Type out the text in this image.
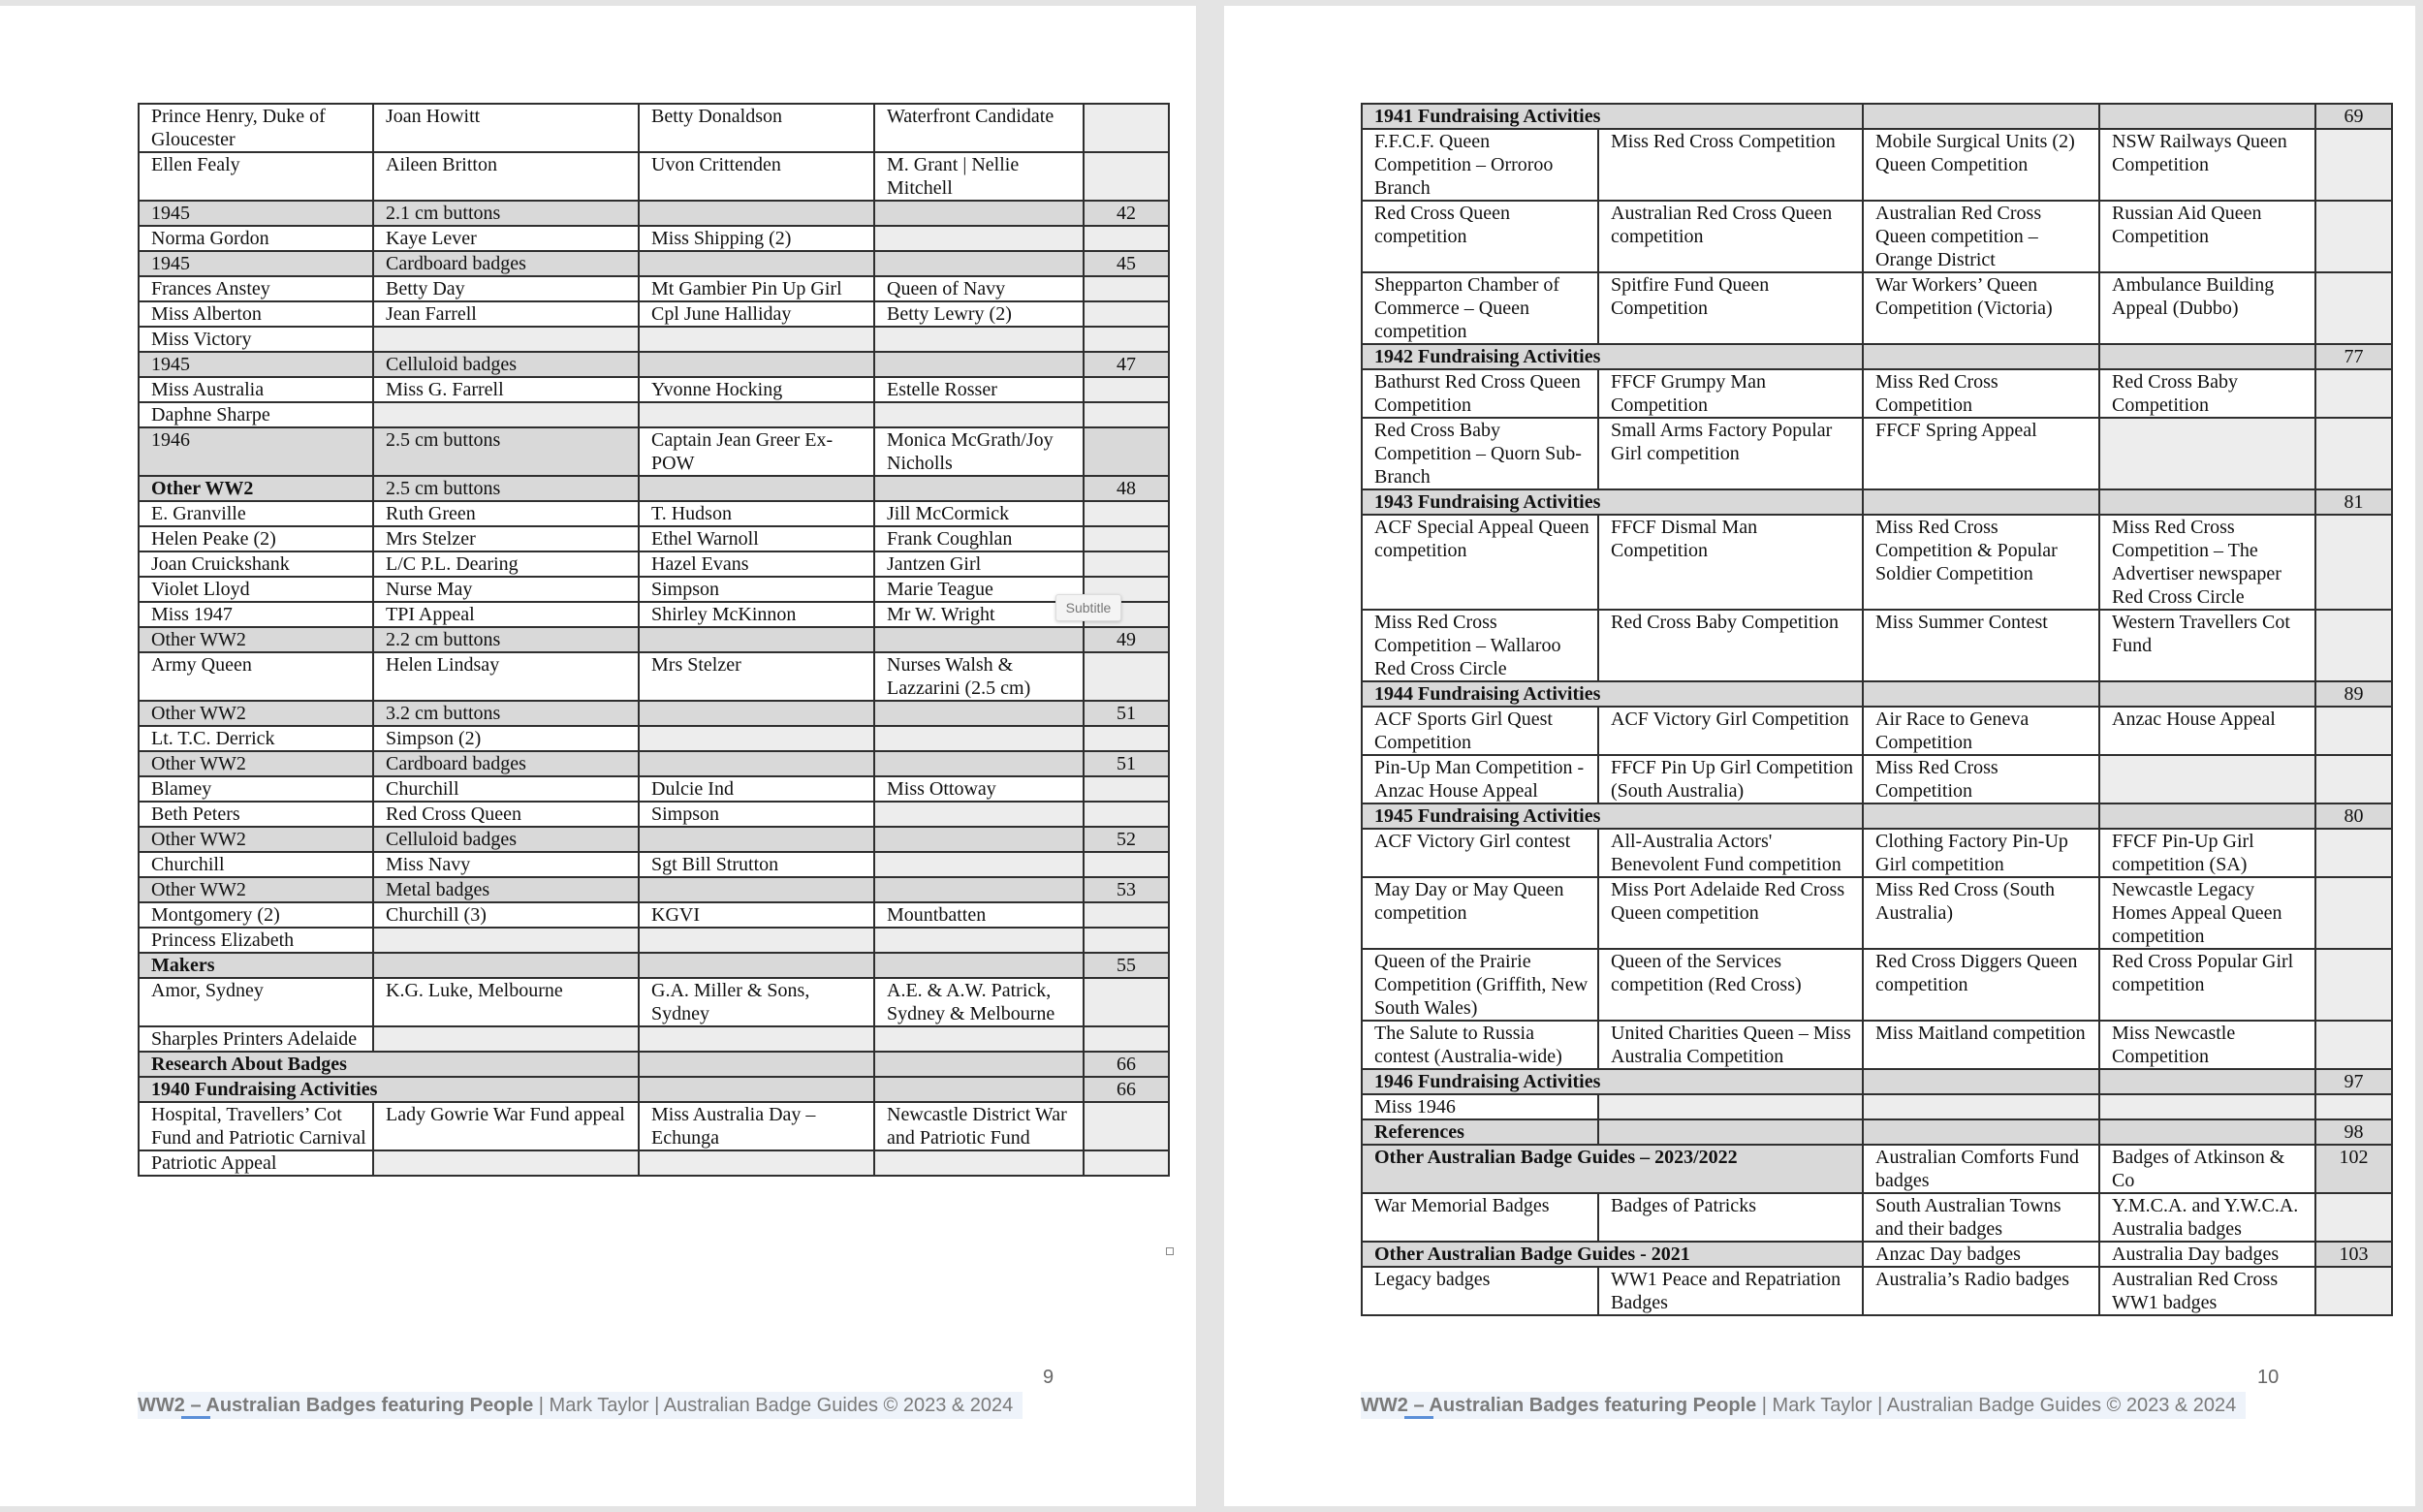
Prince Henry, Duke of Gloucester	Joan Howitt	Betty Donaldson	Waterfront Candidate	
Ellen Fealy	Aileen Britton	Uvon Crittenden	M. Grant | Nellie Mitchell	
1945	2.1 cm buttons			42
Norma Gordon	Kaye Lever	Miss Shipping (2)		
1945	Cardboard badges			45
Frances Anstey	Betty Day	Mt Gambier Pin Up Girl	Queen of Navy	
Miss Alberton	Jean Farrell	Cpl June Halliday	Betty Lewry (2)	
Miss Victory				
1945	Celluloid badges			47
Miss Australia	Miss G. Farrell	Yvonne Hocking	Estelle Rosser	
Daphne Sharpe				
1946	2.5 cm buttons	Captain Jean Greer Ex-POW	Monica McGrath/Joy Nicholls	
Other WW2	2.5 cm buttons			48
E. Granville	Ruth Green	T. Hudson	Jill McCormick	
Helen Peake (2)	Mrs Stelzer	Ethel Warnoll	Frank Coughlan	
Joan Cruickshank	L/C P.L. Dearing	Hazel Evans	Jantzen Girl	
Violet Lloyd	Nurse May	Simpson	Marie Teague	
Miss 1947	TPI Appeal	Shirley McKinnon	Mr W. Wright	
Other WW2	2.2 cm buttons			49
Army Queen	Helen Lindsay	Mrs Stelzer	Nurses Walsh & Lazzarini (2.5 cm)	
Other WW2	3.2 cm buttons			51
Lt. T.C. Derrick	Simpson (2)			
Other WW2	Cardboard badges			51
Blamey	Churchill	Dulcie Ind	Miss Ottoway	
Beth Peters	Red Cross Queen	Simpson		
Other WW2	Celluloid badges			52
Churchill	Miss Navy	Sgt Bill Strutton		
Other WW2	Metal badges			53
Montgomery (2)	Churchill (3)	KGVI	Mountbatten	
Princess Elizabeth				
Makers				55
Amor, Sydney	K.G. Luke, Melbourne	G.A. Miller & Sons, Sydney	A.E. & A.W. Patrick, Sydney & Melbourne	
Sharples Printers Adelaide				
Research About Badges				66
1940 Fundraising Activities				66
Hospital, Travellers’ Cot Fund and Patriotic Carnival	Lady Gowrie War Fund appeal	Miss Australia Day – Echunga	Newcastle District War and Patriotic Fund	
Patriotic Appeal				
Subtitle
9
WW2 – Australian Badges featuring People | Mark Taylor | Australian Badge Guides © 2023 & 2024
1941 Fundraising Activities				69
F.F.C.F. Queen Competition – Orroroo Branch	Miss Red Cross Competition	Mobile Surgical Units (2) Queen Competition	NSW Railways Queen Competition	
Red Cross Queen competition	Australian Red Cross Queen competition	Australian Red Cross Queen competition – Orange District	Russian Aid Queen Competition	
Shepparton Chamber of Commerce – Queen competition	Spitfire Fund Queen Competition	War Workers’ Queen Competition (Victoria)	Ambulance Building Appeal (Dubbo)	
1942 Fundraising Activities				77
Bathurst Red Cross Queen Competition	FFCF Grumpy Man Competition	Miss Red Cross Competition	Red Cross Baby Competition	
Red Cross Baby Competition – Quorn Sub-Branch	Small Arms Factory Popular Girl competition	FFCF Spring Appeal		
1943 Fundraising Activities				81
ACF Special Appeal Queen competition	FFCF Dismal Man Competition	Miss Red Cross Competition & Popular Soldier Competition	Miss Red Cross Competition – The Advertiser newspaper Red Cross Circle	
Miss Red Cross Competition – Wallaroo Red Cross Circle	Red Cross Baby Competition	Miss Summer Contest	Western Travellers Cot Fund	
1944 Fundraising Activities				89
ACF Sports Girl Quest Competition	ACF Victory Girl Competition	Air Race to Geneva Competition	Anzac House Appeal	
Pin-Up Man Competition - Anzac House Appeal	FFCF Pin Up Girl Competition (South Australia)	Miss Red Cross Competition		
1945 Fundraising Activities				80
ACF Victory Girl contest	All-Australia Actors' Benevolent Fund competition	Clothing Factory Pin-Up Girl competition	FFCF Pin-Up Girl competition (SA)	
May Day or May Queen competition	Miss Port Adelaide Red Cross Queen competition	Miss Red Cross (South Australia)	Newcastle Legacy Homes Appeal Queen competition	
Queen of the Prairie Competition (Griffith, New South Wales)	Queen of the Services competition (Red Cross)	Red Cross Diggers Queen competition	Red Cross Popular Girl competition	
The Salute to Russia contest (Australia-wide)	United Charities Queen – Miss Australia Competition	Miss Maitland competition	Miss Newcastle Competition	
1946 Fundraising Activities				97
Miss 1946				
References				98
Other Australian Badge Guides – 2023/2022		Australian Comforts Fund badges	Badges of Atkinson & Co	102
War Memorial Badges	Badges of Patricks	South Australian Towns and their badges	Y.M.C.A. and Y.W.C.A. Australia badges	
Other Australian Badge Guides - 2021		Anzac Day badges	Australia Day badges	103
Legacy badges	WW1 Peace and Repatriation Badges	Australia’s Radio badges	Australian Red Cross WW1 badges	
10
WW2 – Australian Badges featuring People | Mark Taylor | Australian Badge Guides © 2023 & 2024
